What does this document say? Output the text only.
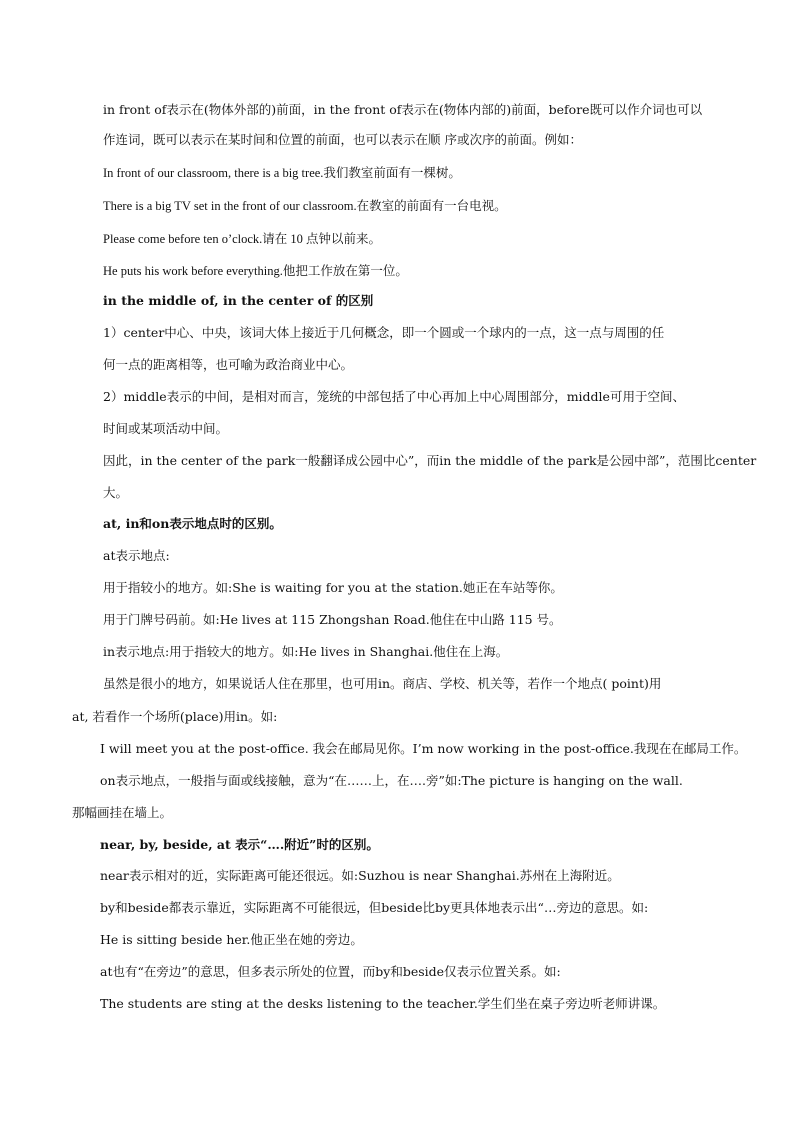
in front of表示在(物体外部的)前面，in the front of表示在(物体内部的)前面，before既可以作介词也可以
作连词，既可以表示在某时间和位置的前面，也可以表示在顺 序或次序的前面。例如：
In front of our classroom, there is a big tree.我们教室前面有一棵树。
There is a big TV set in the front of our classroom.在教室的前面有一台电视。
Please come before ten o’clock.请在 10 点钟以前来。
He puts his work before everything.他把工作放在第一位。
in the middle of, in the center of 的区别
1）center中心、中央，该词大体上接近于几何概念，即一个圆或一个球内的一点，这一点与周围的任
何一点的距离相等，也可喻为政治商业中心。
2）middle表示的中间，是相对而言，笼统的中部包括了中心再加上中心周围部分，middle可用于空间、
时间或某项活动中间。
因此，in the center of the park一般翻译成公园中心”，而in the middle of the park是公园中部”，范围比center
大。
at, in和on表示地点时的区别。
at表示地点:
用于指较小的地方。如:She is waiting for you at the station.她正在车站等你。
用于门牌号码前。如:He lives at 115 Zhongshan Road.他住在中山路 115 号。
in表示地点:用于指较大的地方。如:He lives in Shanghai.他住在上海。
虽然是很小的地方，如果说话人住在那里，也可用in。商店、学校、机关等，若作一个地点( point)用
at, 若看作一个场所(place)用in。如:
I will meet you at the post-office. 我会在邮局见你。I’m now working in the post-office.我现在在邮局工作。
on表示地点，一般指与面或线接触，意为“在……上，在….旁”如:The picture is hanging on the wall.
那幅画挂在墙上。
near, by, beside, at 表示“….附近”时的区别。
near表示相对的近，实际距离可能还很远。如:Suzhou is near Shanghai.苏州在上海附近。
by和beside都表示靠近，实际距离不可能很远，但beside比by更具体地表示出“…旁边的意思。如:
He is sitting beside her.他正坐在她的旁边。
at也有“在旁边”的意思，但多表示所处的位置，而by和beside仅表示位置关系。如:
The students are sting at the desks listening to the teacher.学生们坐在桌子旁边听老师讲课。
